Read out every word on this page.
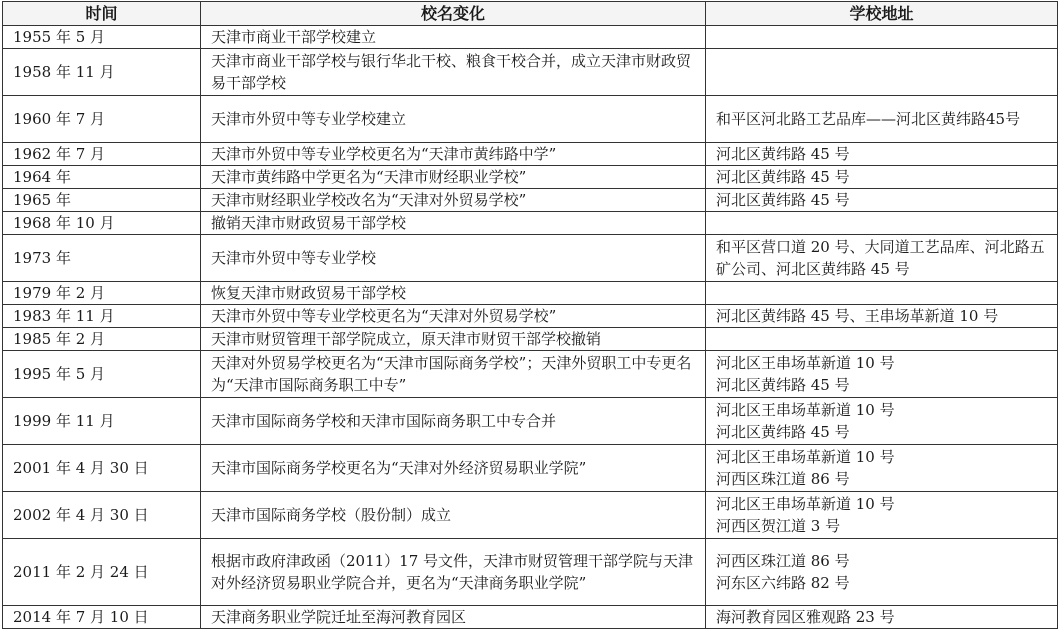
时间	校名变化	学校地址
1955 年 5 月	天津市商业干部学校建立	
1958 年 11 月	天津市商业干部学校与银行华北干校、粮食干校合并，成立天津市财政贸易干部学校	
1960 年 7 月	天津市外贸中等专业学校建立	和平区河北路工艺品库——河北区黄纬路45号
1962 年 7 月	天津市外贸中等专业学校更名为“天津市黄纬路中学”	河北区黄纬路 45 号
1964 年	天津市黄纬路中学更名为“天津市财经职业学校”	河北区黄纬路 45 号
1965 年	天津市财经职业学校改名为“天津对外贸易学校”	河北区黄纬路 45 号
1968 年 10 月	撤销天津市财政贸易干部学校	
1973 年	天津市外贸中等专业学校	和平区营口道 20 号、大同道工艺品库、河北路五矿公司、河北区黄纬路 45 号
1979 年 2 月	恢复天津市财政贸易干部学校	
1983 年 11 月	天津市外贸中等专业学校更名为“天津对外贸易学校”	河北区黄纬路 45 号、王串场革新道 10 号
1985 年 2 月	天津市财贸管理干部学院成立，原天津市财贸干部学校撤销	
1995 年 5 月	天津对外贸易学校更名为“天津市国际商务学校”；天津外贸职工中专更名为“天津市国际商务职工中专”	河北区王串场革新道 10 号
河北区黄纬路 45 号
1999 年 11 月	天津市国际商务学校和天津市国际商务职工中专合并	河北区王串场革新道 10 号
河北区黄纬路 45 号
2001 年 4 月 30 日	天津市国际商务学校更名为“天津对外经济贸易职业学院”	河北区王串场革新道 10 号
河西区珠江道 86 号
2002 年 4 月 30 日	天津市国际商务学校（股份制）成立	河北区王串场革新道 10 号
河西区贺江道 3 号
2011 年 2 月 24 日	根据市政府津政函（2011）17 号文件，天津市财贸管理干部学院与天津对外经济贸易职业学院合并，更名为“天津商务职业学院”	河西区珠江道 86 号
河东区六纬路 82 号
2014 年 7 月 10 日	天津商务职业学院迁址至海河教育园区	海河教育园区雅观路 23 号
